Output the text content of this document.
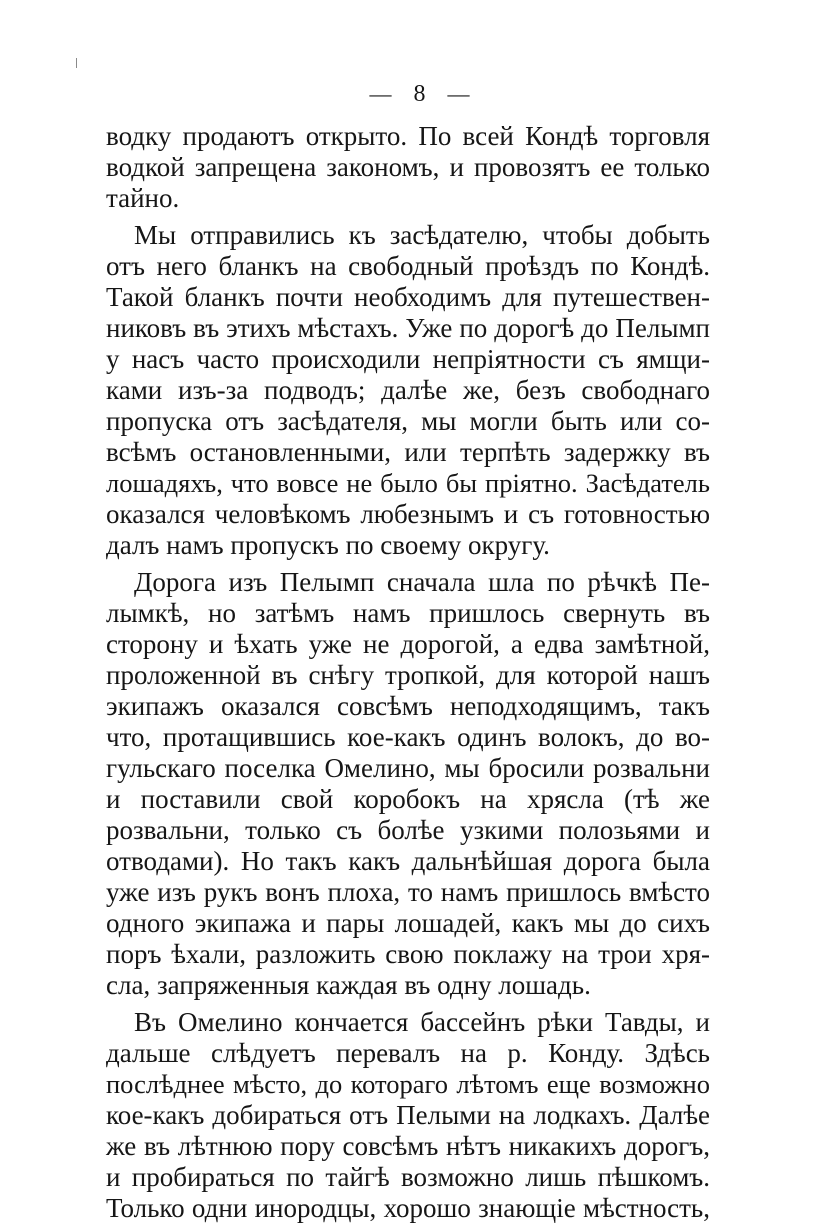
— 8 —
водку продаютъ открыто. По всей Кондѣ торговля
водкой запрещена закономъ, и провозятъ ее только
тайно.
Мы отправились къ засѣдателю, чтобы добыть
отъ него бланкъ на свободный проѣздъ по Кондѣ.
Такой бланкъ почти необходимъ для путешествен-
никовъ въ этихъ мѣстахъ. Уже по дорогѣ до Пелымп
у насъ часто происходили непріятности съ ямщи-
ками изъ-за подводъ; далѣе же, безъ свободнаго
пропуска отъ засѣдателя, мы могли быть или со-
всѣмъ остановленными, или терпѣть задержку въ
лошадяхъ, что вовсе не было бы пріятно. Засѣдатель
оказался человѣкомъ любезнымъ и съ готовностью
далъ намъ пропускъ по своему округу.
Дорога изъ Пелымп сначала шла по рѣчкѣ Пе-
лымкѣ, но затѣмъ намъ пришлось свернуть въ
сторону и ѣхать уже не дорогой, а едва замѣтной,
проложенной въ снѣгу тропкой, для которой нашъ
экипажъ оказался совсѣмъ неподходящимъ, такъ
что, протащившись кое-какъ одинъ волокъ, до во-
гульскаго поселка Омелино, мы бросили розвальни
и поставили свой коробокъ на хрясла (тѣ же
розвальни, только съ болѣе узкими полозьями и
отводами). Но такъ какъ дальнѣйшая дорога была
уже изъ рукъ вонъ плоха, то намъ пришлось вмѣсто
одного экипажа и пары лошадей, какъ мы до сихъ
поръ ѣхали, разложить свою поклажу на трои хря-
сла, запряженныя каждая въ одну лошадь.
Въ Омелино кончается бассейнъ рѣки Тавды, и
дальше слѣдуетъ перевалъ на р. Конду. Здѣсь
послѣднее мѣсто, до котораго лѣтомъ еще возможно
кое-какъ добираться отъ Пелыми на лодкахъ. Далѣе
же въ лѣтнюю пору совсѣмъ нѣтъ никакихъ дорогъ,
и пробираться по тайгѣ возможно лишь пѣшкомъ.
Только одни инородцы, хорошо знающіе мѣстность,
